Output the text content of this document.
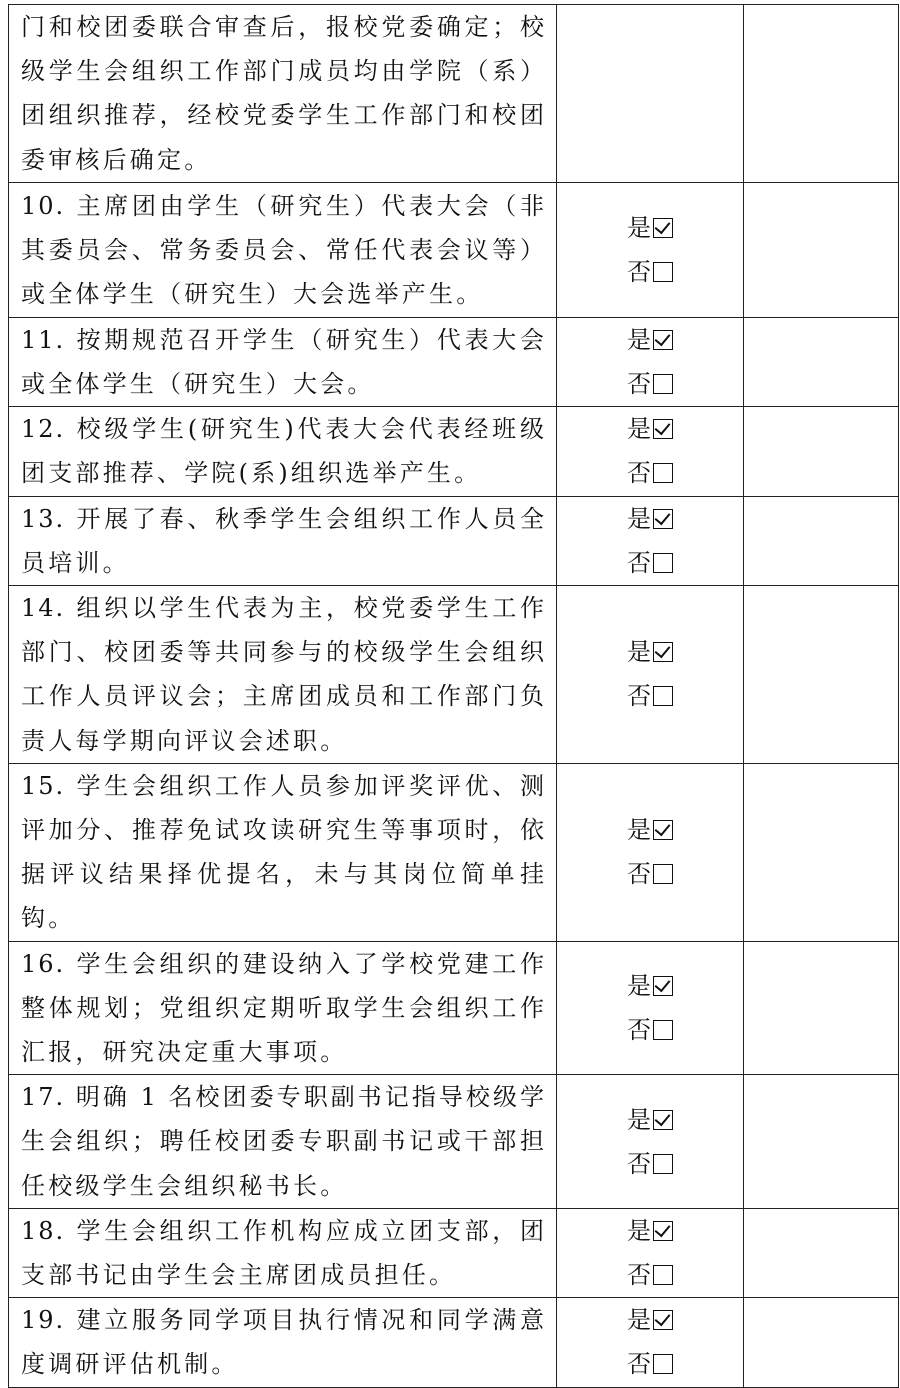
门和校团委联合审查后，报校党委确定；校
级学生会组织工作部门成员均由学院（系）
团组织推荐，经校党委学生工作部门和校团
委审核后确定。		

10. 主席团由学生（研究生）代表大会（非
其委员会、常务委员会、常任代表会议等）
或全体学生（研究生）大会选举产生。	是
否	

11. 按期规范召开学生（研究生）代表大会
或全体学生（研究生）大会。	是
否	

12. 校级学生(研究生)代表大会代表经班级
团支部推荐、学院(系)组织选举产生。	是
否	

13. 开展了春、秋季学生会组织工作人员全
员培训。	是
否	

14. 组织以学生代表为主，校党委学生工作
部门、校团委等共同参与的校级学生会组织
工作人员评议会；主席团成员和工作部门负
责人每学期向评议会述职。	是
否	

15. 学生会组织工作人员参加评奖评优、测
评加分、推荐免试攻读研究生等事项时，依
据评议结果择优提名，未与其岗位简单挂
钩。	是
否	

16. 学生会组织的建设纳入了学校党建工作
整体规划；党组织定期听取学生会组织工作
汇报，研究决定重大事项。	是
否	

17. 明确 1 名校团委专职副书记指导校级学
生会组织；聘任校团委专职副书记或干部担
任校级学生会组织秘书长。	是
否	

18. 学生会组织工作机构应成立团支部，团
支部书记由学生会主席团成员担任。	是
否	

19. 建立服务同学项目执行情况和同学满意
度调研评估机制。	是
否	
